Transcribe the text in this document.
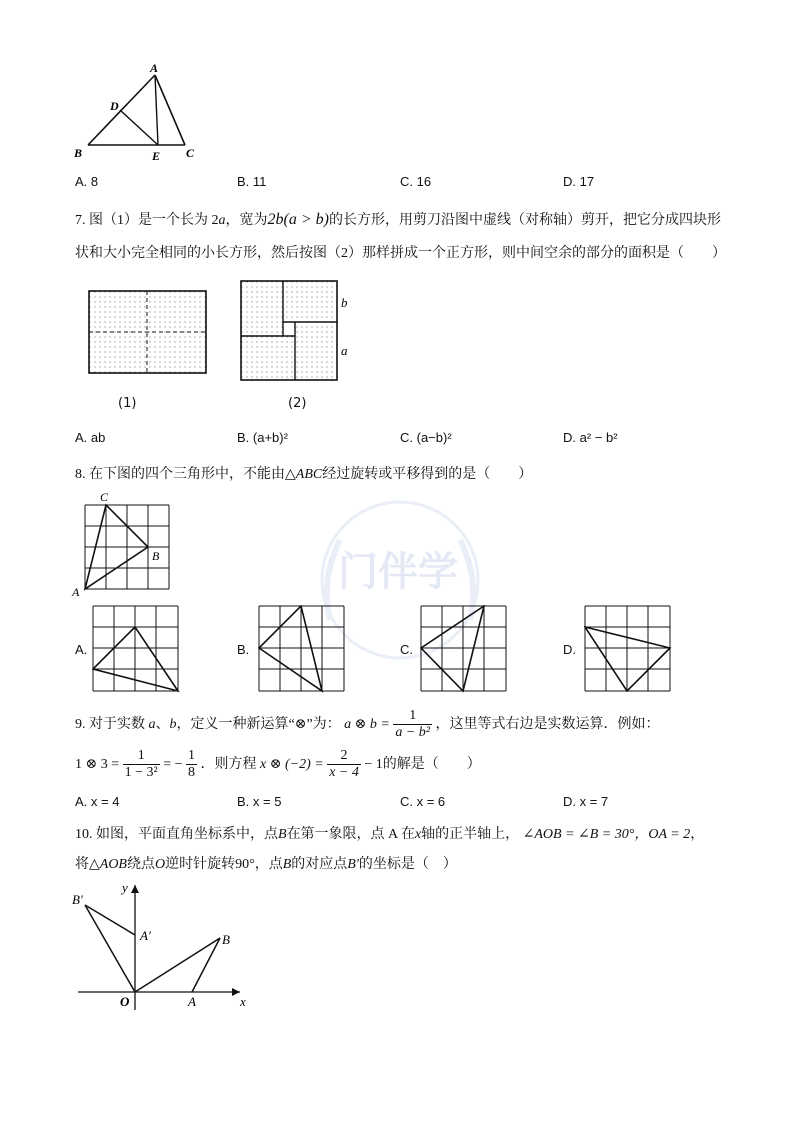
门伴学
A
D
B	E C
A. 8	B. 11	C. 16	D. 17
7. 图（1）是一个长为 2a，宽为2b(a > b)的长方形，用剪刀沿图中虚线（对称轴）剪开，把它分成四块形
状和大小完全相同的小长方形，然后按图（2）那样拼成一个正方形，则中间空余的部分的面积是（　　）
(1)
b
a
(2)
A. ab	B. (a+b)²	C. (a−b)²	D. a² − b²
8. 在下图的四个三角形中，不能由△ABC经过旋转或平移得到的是（　　）
C
B
A
A.	B.	C.	D.
9. 对于实数 a、b，定义一种新运算“⊗”为： a ⊗ $b = \frac{1}{\text{a − b²}}$ ，这里等式右边是实数运算．例如：
1 ⊗ $3 = \frac{1}{\text{1 − 3²}}$ = − $\frac{1}{8}$ ．则方程 x ⊗ $(-2) = \frac{2}{x - 4} - 1$的解是（　　）
A. x = 4	B. x = 5	C. x = 6	D. x = 7
10. 如图，平面直角坐标系中，点B在第一象限，点 A 在x轴的正半轴上， ∠AOB = ∠B = 30°，OA = 2，
将△AOB绕点O逆时针旋转90°，点B的对应点B′的坐标是（　）
B′
y
A′	B
O	A	x
